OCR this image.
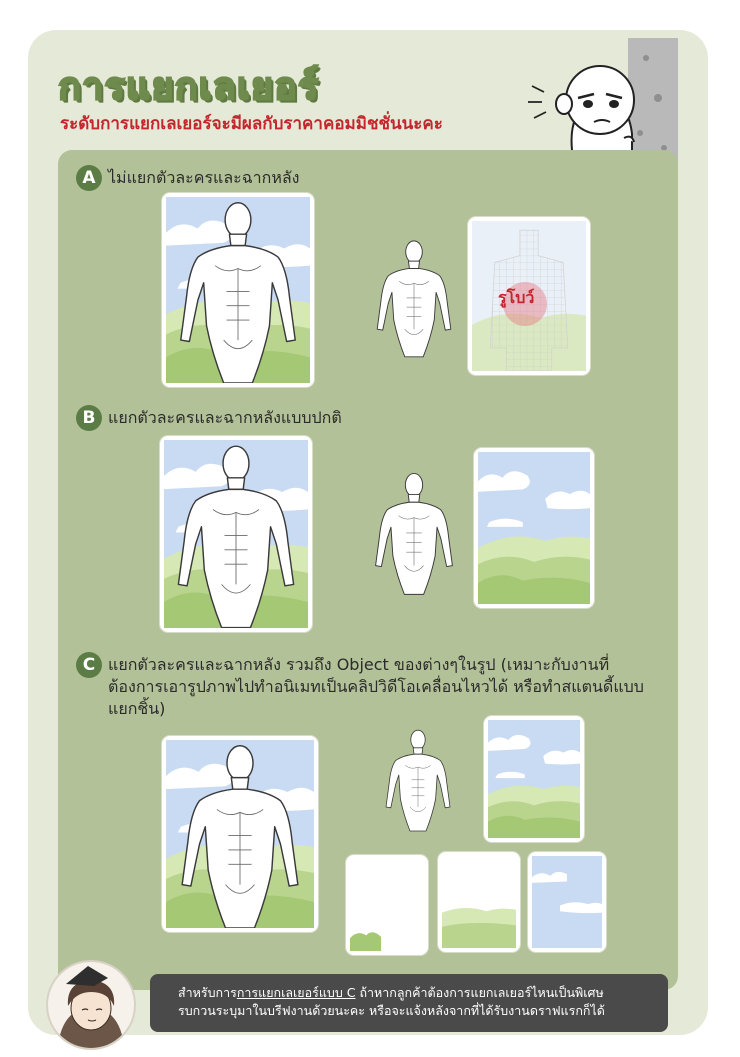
การแยกเลเยอร์

ระดับการแยกเลเยอร์จะมีผลกับราคาคอมมิชชั่นนะคะ

A ไม่แยกตัวละครและฉากหลัง
รูโบว์
B แยกตัวละครและฉากหลังแบบปกติ
C แยกตัวละครและฉากหลัง รวมถึง Object ของต่างๆในรูป (เหมาะกับงานที่ต้องการเอารูปภาพไปทำอนิเมทเป็นคลิปวิดีโอเคลื่อนไหวได้ หรือทำสแตนดี้แบบแยกชิ้น)
สำหรับการการแยกเลเยอร์แบบ C ถ้าหากลูกค้าต้องการแยกเลเยอร์ไหนเป็นพิเศษ
รบกวนระบุมาในบรีฟงานด้วยนะคะ หรือจะแจ้งหลังจากที่ได้รับงานดราฟแรกก็ได้
